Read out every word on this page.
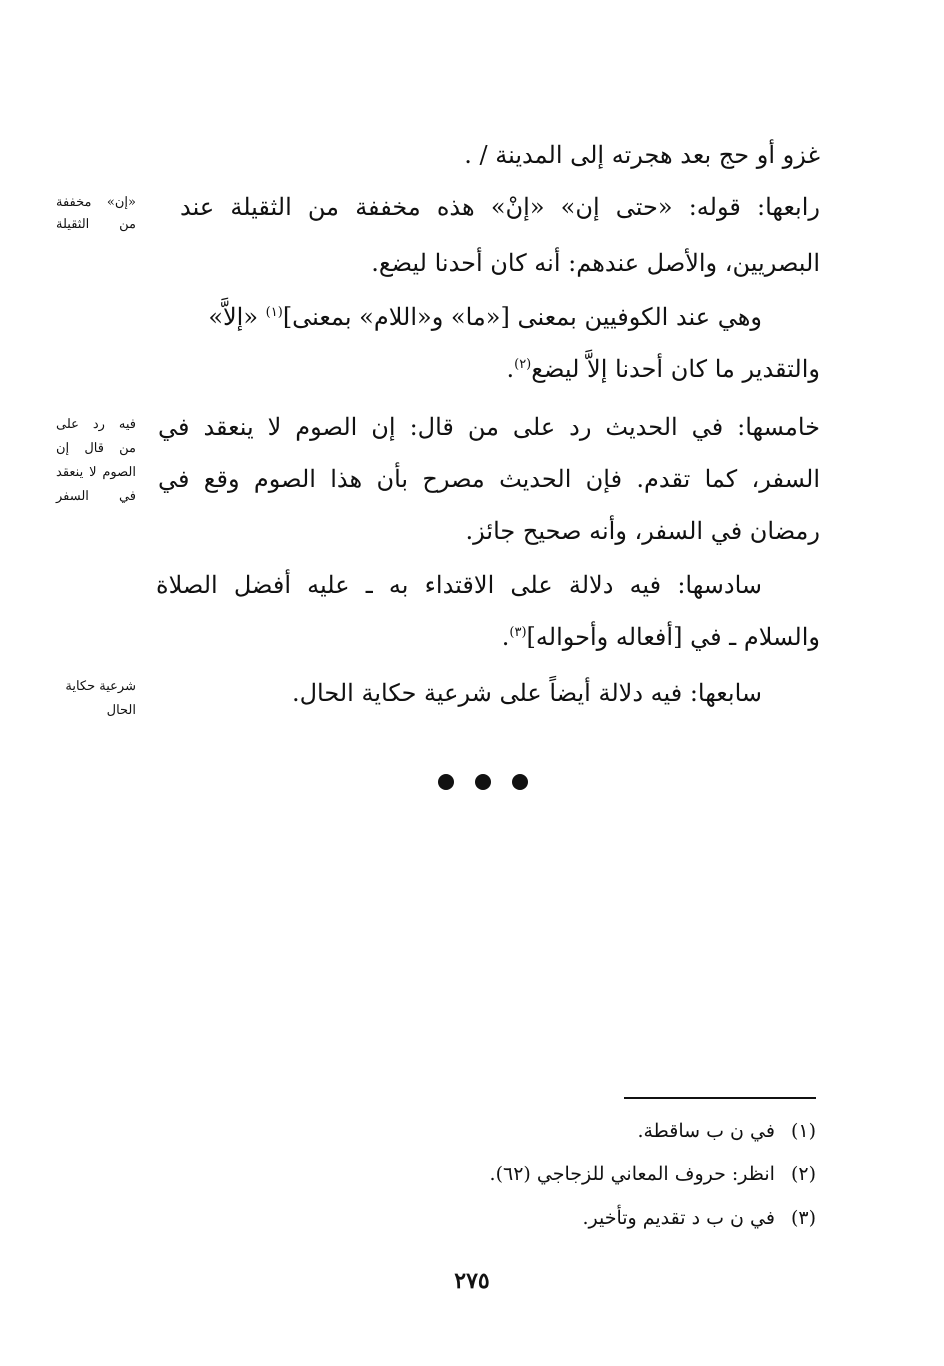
غزو أو حج بعد هجرته إلى المدينة / .
رابعها: قوله: «حتى إن» «إنْ» هذه مخففة من الثقيلة عند
البصريين، والأصل عندهم: أنه كان أحدنا ليضع.
وهي عند الكوفيين بمعنى [«ما» و«اللام» بمعنى]$^{(١)}$ «إلاَّ»
والتقدير ما كان أحدنا إلاَّ ليضع$^{(٢)}$.
خامسها: في الحديث رد على من قال: إن الصوم لا ينعقد في
السفر، كما تقدم. فإن الحديث مصرح بأن هذا الصوم وقع في
رمضان في السفر، وأنه صحيح جائز.
سادسها: فيه دلالة على الاقتداء به ـ عليه أفضل الصلاة
والسلام ـ في [أفعاله وأحواله]$^{(٣)}$.
سابعها: فيه دلالة أيضاً على شرعية حكاية الحال.
«إن» مخففة
من الثقيلة
فيه رد على
من قال إن
الصوم لا ينعقد
في السفر
شرعية حكاية
الحال
(١)في ن ب ساقطة.
(٢)انظر: حروف المعاني للزجاجي (٦٢).
(٣)في ن ب د تقديم وتأخير.
٢٧٥
